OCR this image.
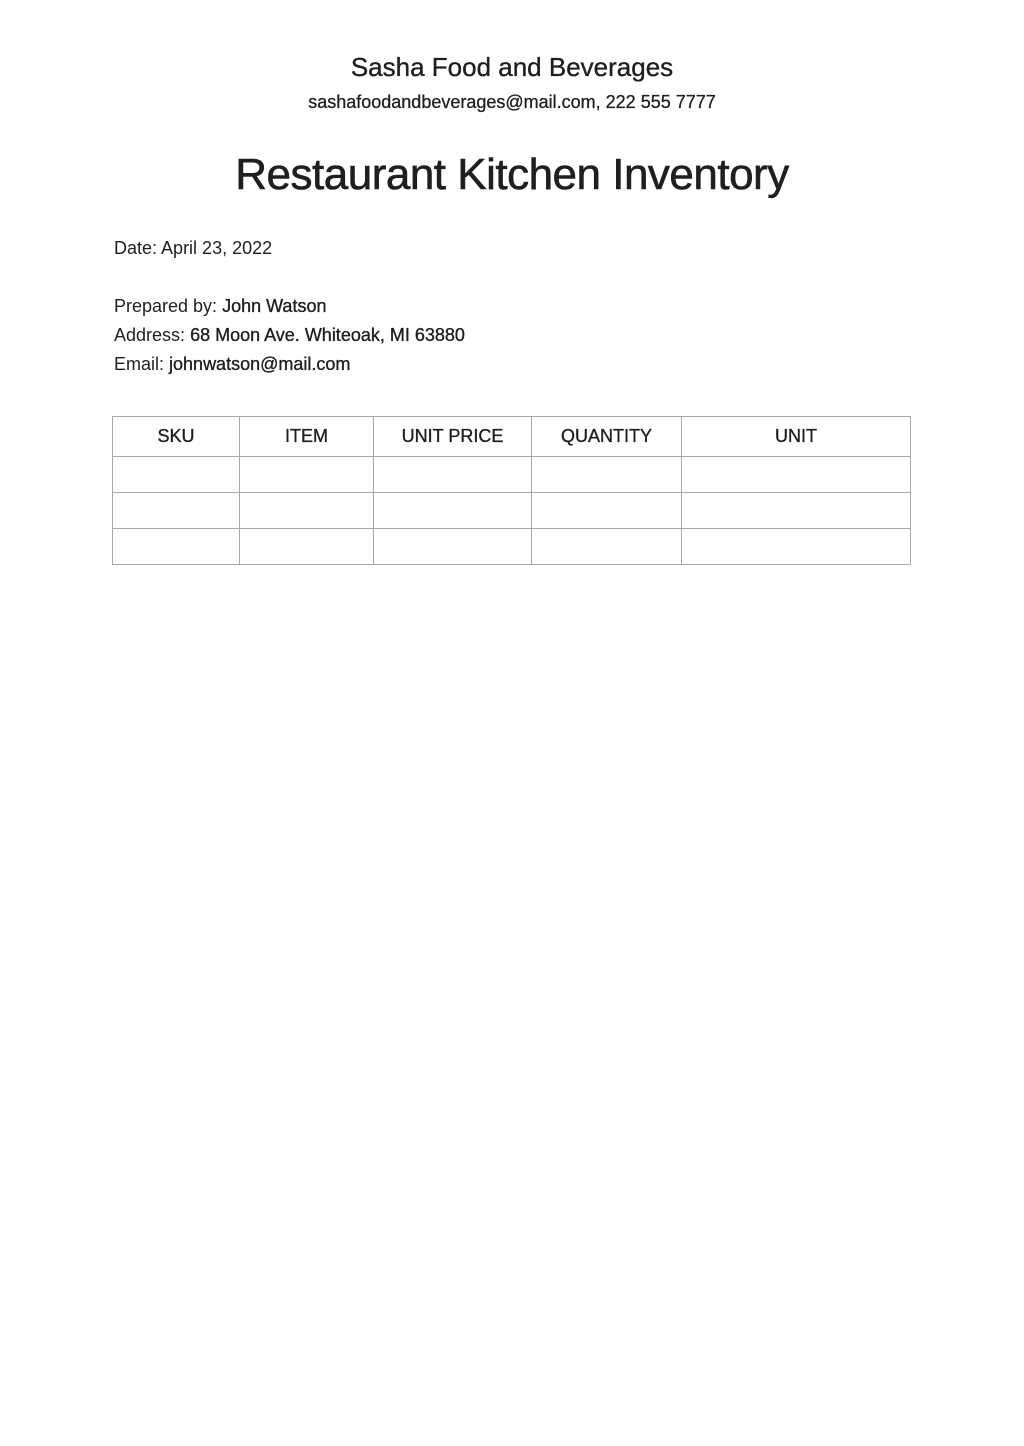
Sasha Food and Beverages
sashafoodandbeverages@mail.com, 222 555 7777
Restaurant Kitchen Inventory
Date: April 23, 2022
Prepared by: John Watson
Address: 68 Moon Ave. Whiteoak, MI 63880
Email: johnwatson@mail.com
SKU	ITEM	UNIT PRICE	QUANTITY	UNIT
